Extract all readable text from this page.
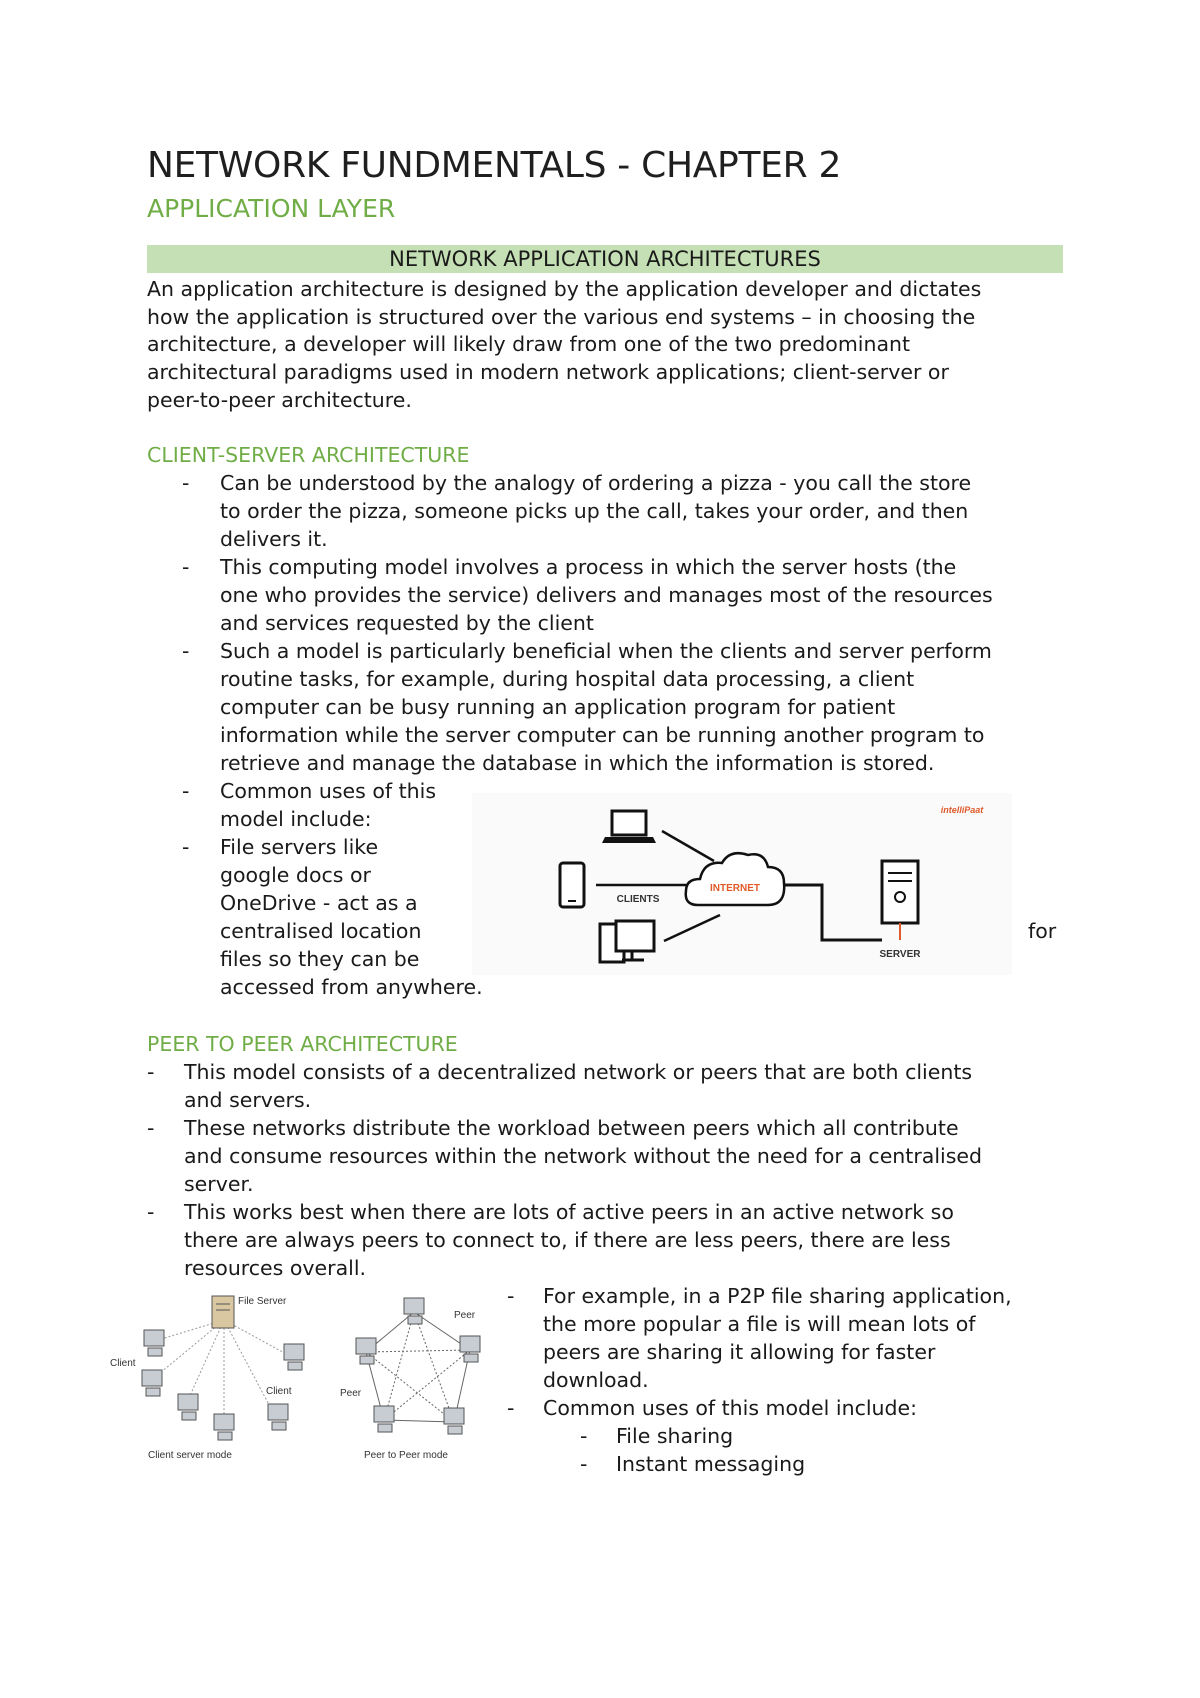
NETWORK FUNDMENTALS - CHAPTER 2
APPLICATION LAYER
NETWORK APPLICATION ARCHITECTURES
An application architecture is designed by the application developer and dictates
how the application is structured over the various end systems – in choosing the
architecture, a developer will likely draw from one of the two predominant
architectural paradigms used in modern network applications; client-server or
peer-to-peer architecture.
CLIENT-SERVER ARCHITECTURE
- Can be understood by the analogy of ordering a pizza - you call the store
to order the pizza, someone picks up the call, takes your order, and then
delivers it.
- This computing model involves a process in which the server hosts (the
one who provides the service) delivers and manages most of the resources
and services requested by the client
- Such a model is particularly beneficial when the clients and server perform
routine tasks, for example, during hospital data processing, a client
computer can be busy running an application program for patient
information while the server computer can be running another program to
retrieve and manage the database in which the information is stored.
- Common uses of this
model include:
- File servers like
google docs or
OneDrive - act as a
centralised location
files so they can be
accessed from anywhere.
for
INTERNET
CLIENTS
SERVER
intelliPaat
PEER TO PEER ARCHITECTURE
- This model consists of a decentralized network or peers that are both clients
and servers.
- These networks distribute the workload between peers which all contribute
and consume resources within the network without the need for a centralised
server.
- This works best when there are lots of active peers in an active network so
there are always peers to connect to, if there are less peers, there are less
resources overall.
- For example, in a P2P file sharing application,
the more popular a file is will mean lots of
peers are sharing it allowing for faster
download.
- Common uses of this model include:
- File sharing
- Instant messaging
File Server
Client
Client
Client server mode
Peer
Peer
Peer to Peer mode
